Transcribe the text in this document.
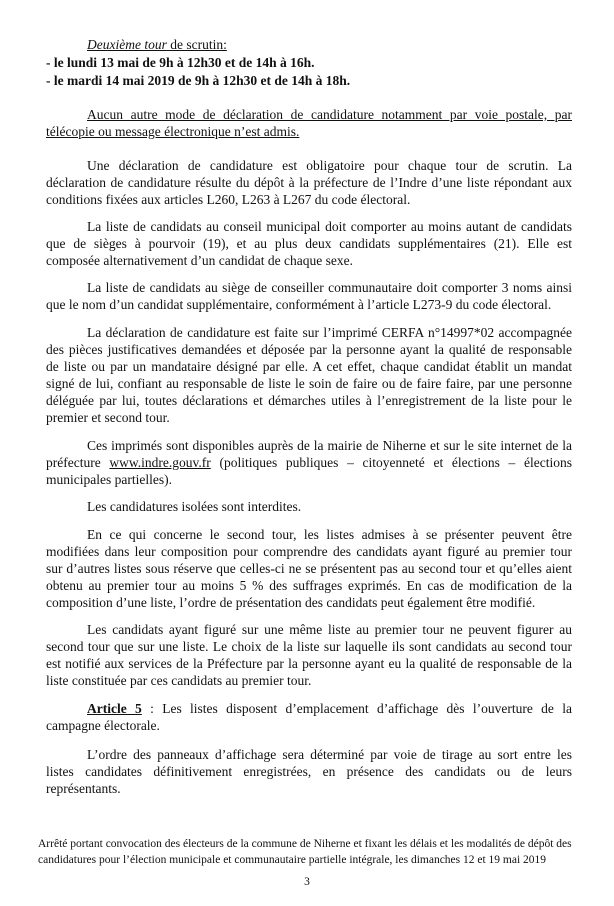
Deuxième tour de scrutin:
- le lundi 13 mai de 9h à 12h30 et de 14h à 16h.
- le mardi 14 mai 2019 de 9h à 12h30 et de 14h à 18h.
Aucun autre mode de déclaration de candidature notamment par voie postale, par
télécopie ou message électronique n’est admis.
Une déclaration de candidature est obligatoire pour chaque tour de scrutin. La
déclaration de candidature résulte du dépôt à la préfecture de l’Indre d’une liste répondant aux
conditions fixées aux articles L260, L263 à L267 du code électoral.
La liste de candidats au conseil municipal doit comporter au moins autant de candidats
que de sièges à pourvoir (19), et au plus deux candidats supplémentaires (21). Elle est
composée alternativement d’un candidat de chaque sexe.
La liste de candidats au siège de conseiller communautaire doit comporter 3 noms ainsi
que le nom d’un candidat supplémentaire, conformément à l’article L273-9 du code électoral.
La déclaration de candidature est faite sur l’imprimé CERFA n°14997*02 accompagnée
des pièces justificatives demandées et déposée par la personne ayant la qualité de responsable
de liste ou par un mandataire désigné par elle. A cet effet, chaque candidat établit un mandat
signé de lui, confiant au responsable de liste le soin de faire ou de faire faire, par une personne
déléguée par lui, toutes déclarations et démarches utiles à l’enregistrement de la liste pour le
premier et second tour.
Ces imprimés sont disponibles auprès de la mairie de Niherne et sur le site internet de la
préfecture www.indre.gouv.fr (politiques publiques – citoyenneté et élections – élections
municipales partielles).
Les candidatures isolées sont interdites.
En ce qui concerne le second tour, les listes admises à se présenter peuvent être
modifiées dans leur composition pour comprendre des candidats ayant figuré au premier tour
sur d’autres listes sous réserve que celles-ci ne se présentent pas au second tour et qu’elles aient
obtenu au premier tour au moins 5 % des suffrages exprimés. En cas de modification de la
composition d’une liste, l’ordre de présentation des candidats peut également être modifié.
Les candidats ayant figuré sur une même liste au premier tour ne peuvent figurer au
second tour que sur une liste. Le choix de la liste sur laquelle ils sont candidats au second tour
est notifié aux services de la Préfecture par la personne ayant eu la qualité de responsable de la
liste constituée par ces candidats au premier tour.
Article 5 : Les listes disposent d’emplacement d’affichage dès l’ouverture de la
campagne électorale.
L’ordre des panneaux d’affichage sera déterminé par voie de tirage au sort entre les
listes candidates définitivement enregistrées, en présence des candidats ou de leurs
représentants.
Arrêté portant convocation des électeurs de la commune de Niherne et fixant les délais et les modalités de dépôt des
candidatures pour l’élection municipale et communautaire partielle intégrale, les dimanches 12 et 19 mai 2019
3
